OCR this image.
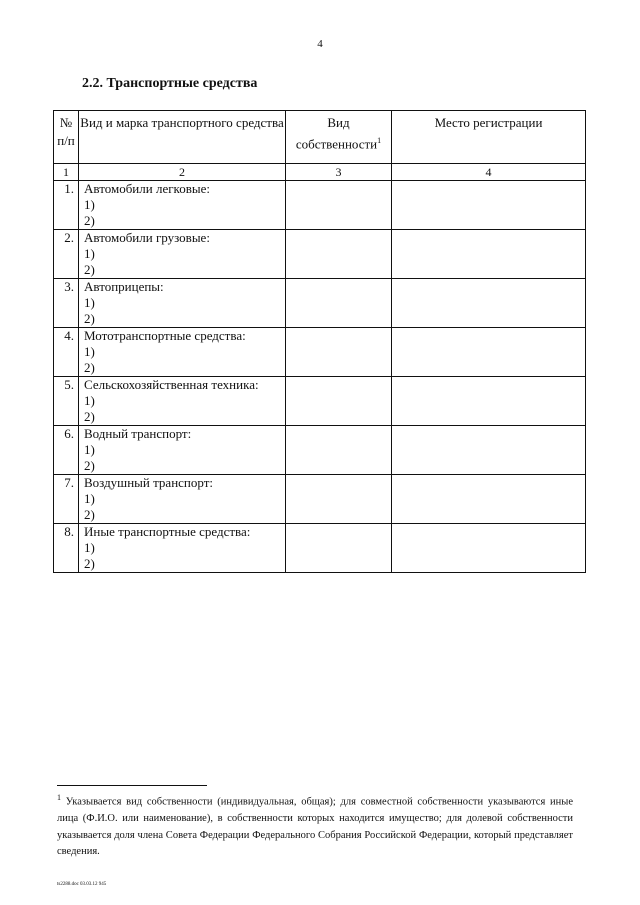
4
2.2. Транспортные средства
№ п/п	Вид и марка транспортного средства	Вид собственности$^1$	Место регистрации
1	2	3	4
1.	Автомобили легковые:
1)
2)		

2.	Автомобили грузовые:
1)
2)		

3.	Автоприцепы:
1)
2)		

4.	Мототранспортные средства:
1)
2)		

5.	Сельскохозяйственная техника:
1)
2)		

6.	Водный транспорт:
1)
2)		

7.	Воздушный транспорт:
1)
2)		

8.	Иные транспортные средства:
1)
2)		

$^1$ Указывается вид собственности (индивидуальная, общая); для совместной собственности указываются иные лица (Ф.И.О. или наименование), в собственности которых находится имущество; для долевой собственности указывается доля члена Совета Федерации Федерального Собрания Российской Федерации, который представляет сведения.
ts2288.doc 03.03.12 945
